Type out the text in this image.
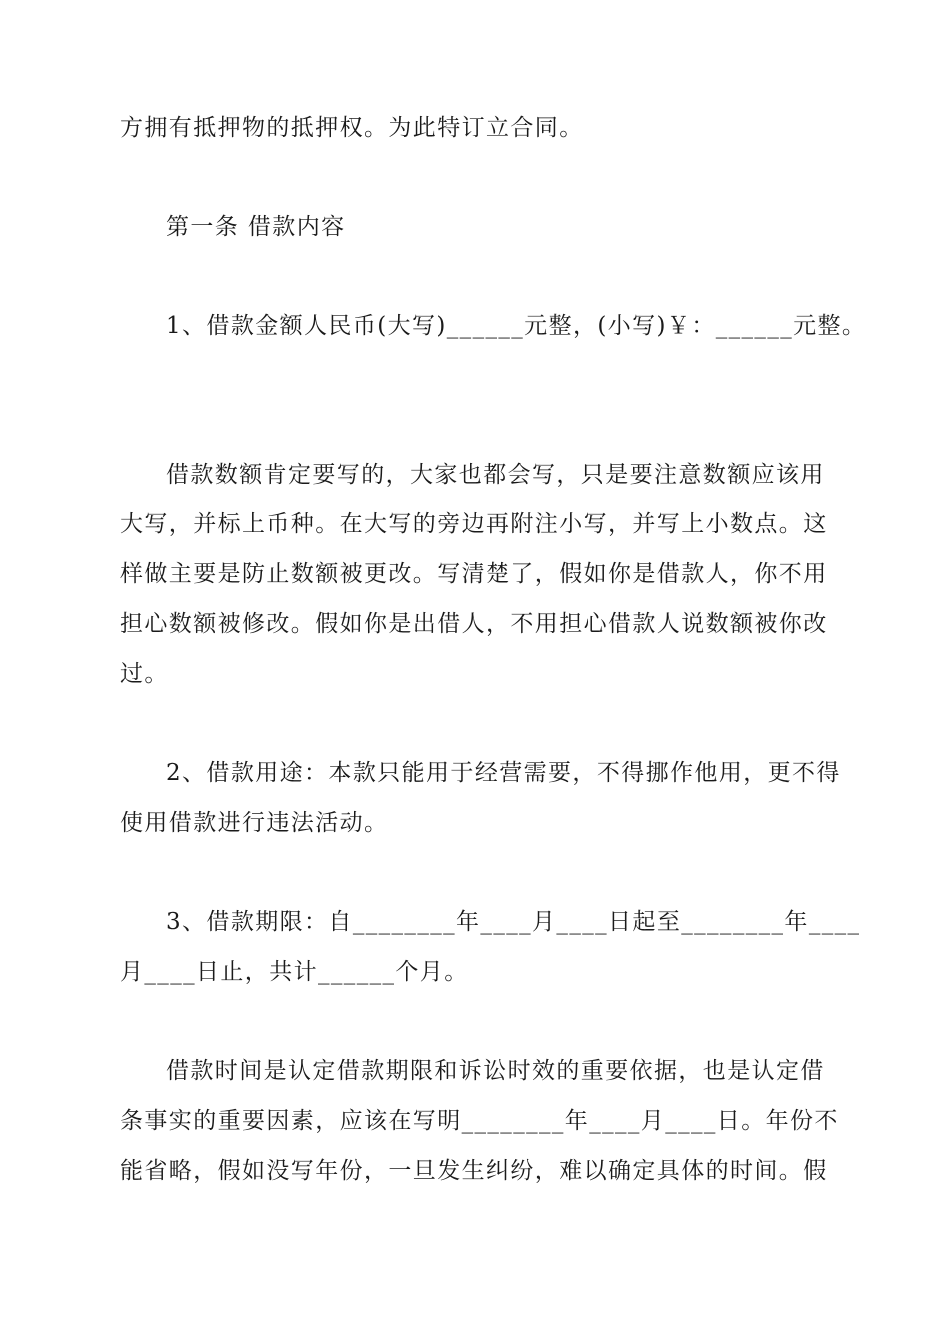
方拥有抵押物的抵押权。为此特订立合同。
第一条 借款内容
1、借款金额人民币(大写)______元整，(小写)￥：______元整。
借款数额肯定要写的，大家也都会写，只是要注意数额应该用
大写，并标上币种。在大写的旁边再附注小写，并写上小数点。这
样做主要是防止数额被更改。写清楚了，假如你是借款人，你不用
担心数额被修改。假如你是出借人，不用担心借款人说数额被你改
过。
2、借款用途：本款只能用于经营需要，不得挪作他用，更不得
使用借款进行违法活动。
3、借款期限：自________年____月____日起至________年____
月____日止，共计______个月。
借款时间是认定借款期限和诉讼时效的重要依据，也是认定借
条事实的重要因素，应该在写明________年____月____日。年份不
能省略，假如没写年份，一旦发生纠纷，难以确定具体的时间。假
